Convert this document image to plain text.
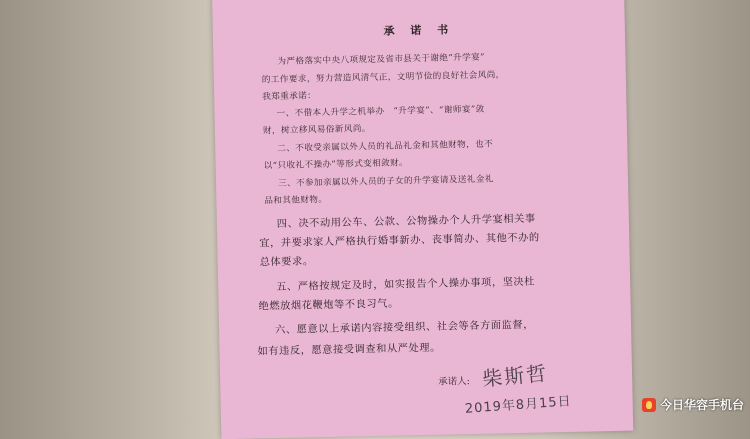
承 诺 书
为严格落实中央八项规定及省市县关于谢绝“升学宴”
的工作要求，努力营造风清气正，文明节俭的良好社会风尚，
我郑重承诺：
一、不借本人升学之机举办　“升学宴”、“谢师宴”敛
财，树立移风易俗新风尚。
二、不收受亲属以外人员的礼品礼金和其他财物，也不
以“只收礼不操办”等形式变相敛财。
三、不参加亲属以外人员的子女的升学宴请及送礼金礼
品和其他财物。
四、决不动用公车、公款、公物操办个人升学宴相关事
宜，并要求家人严格执行婚事新办、丧事简办、其他不办的
总体要求。
五、严格按规定及时，如实报告个人操办事项，坚决杜
绝燃放烟花鞭炮等不良习气。
六、愿意以上承诺内容接受组织、社会等各方面监督，
如有违反，愿意接受调查和从严处理。
承诺人: 柴斯哲
2019年8月15日	今日华容手机台
